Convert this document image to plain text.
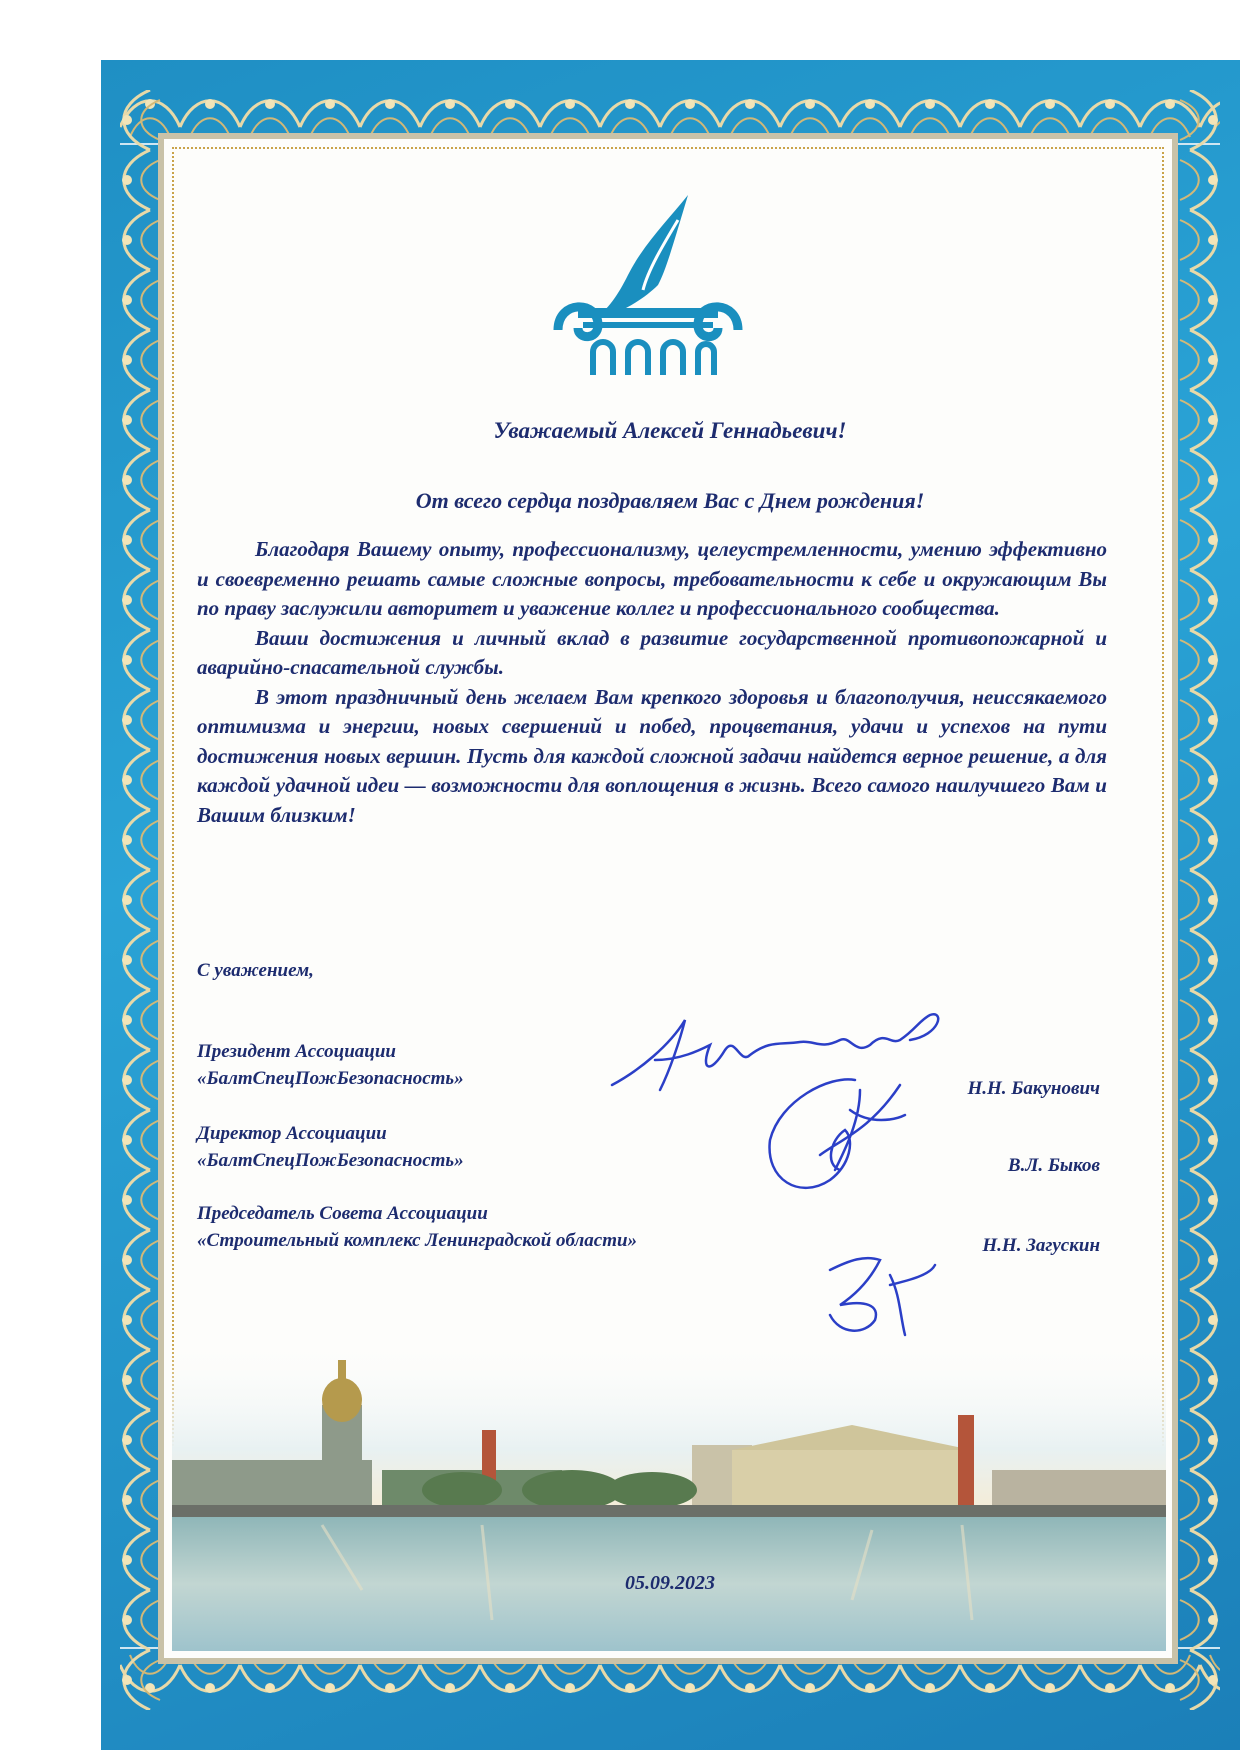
Уважаемый Алексей Геннадьевич!
От всего сердца поздравляем Вас с Днем рождения!

Благодаря Вашему опыту, профессионализму, целеустремленности, умению эффективно и своевременно решать самые сложные вопросы, требовательности к себе и окружающим Вы по праву заслужили авторитет и уважение коллег и профессионального сообщества.

Ваши достижения и личный вклад в развитие государственной противопожарной и аварийно-спасательной службы.

В этот праздничный день желаем Вам крепкого здоровья и благополучия, неиссякаемого оптимизма и энергии, новых свершений и побед, процветания, удачи и успехов на пути достижения новых вершин. Пусть для каждой сложной задачи найдется верное решение, а для каждой удачной идеи — возможности для воплощения в жизнь. Всего самого наилучшего Вам и Вашим близким!

С уважением,
Президент Ассоциации
«БалтСпецПожБезопасность»	Н.Н. Бакунович
Директор Ассоциации
«БалтСпецПожБезопасность»	В.Л. Быков
Председатель Совета Ассоциации
«Строительный комплекс Ленинградской области»	Н.Н. Загускин
05.09.2023
